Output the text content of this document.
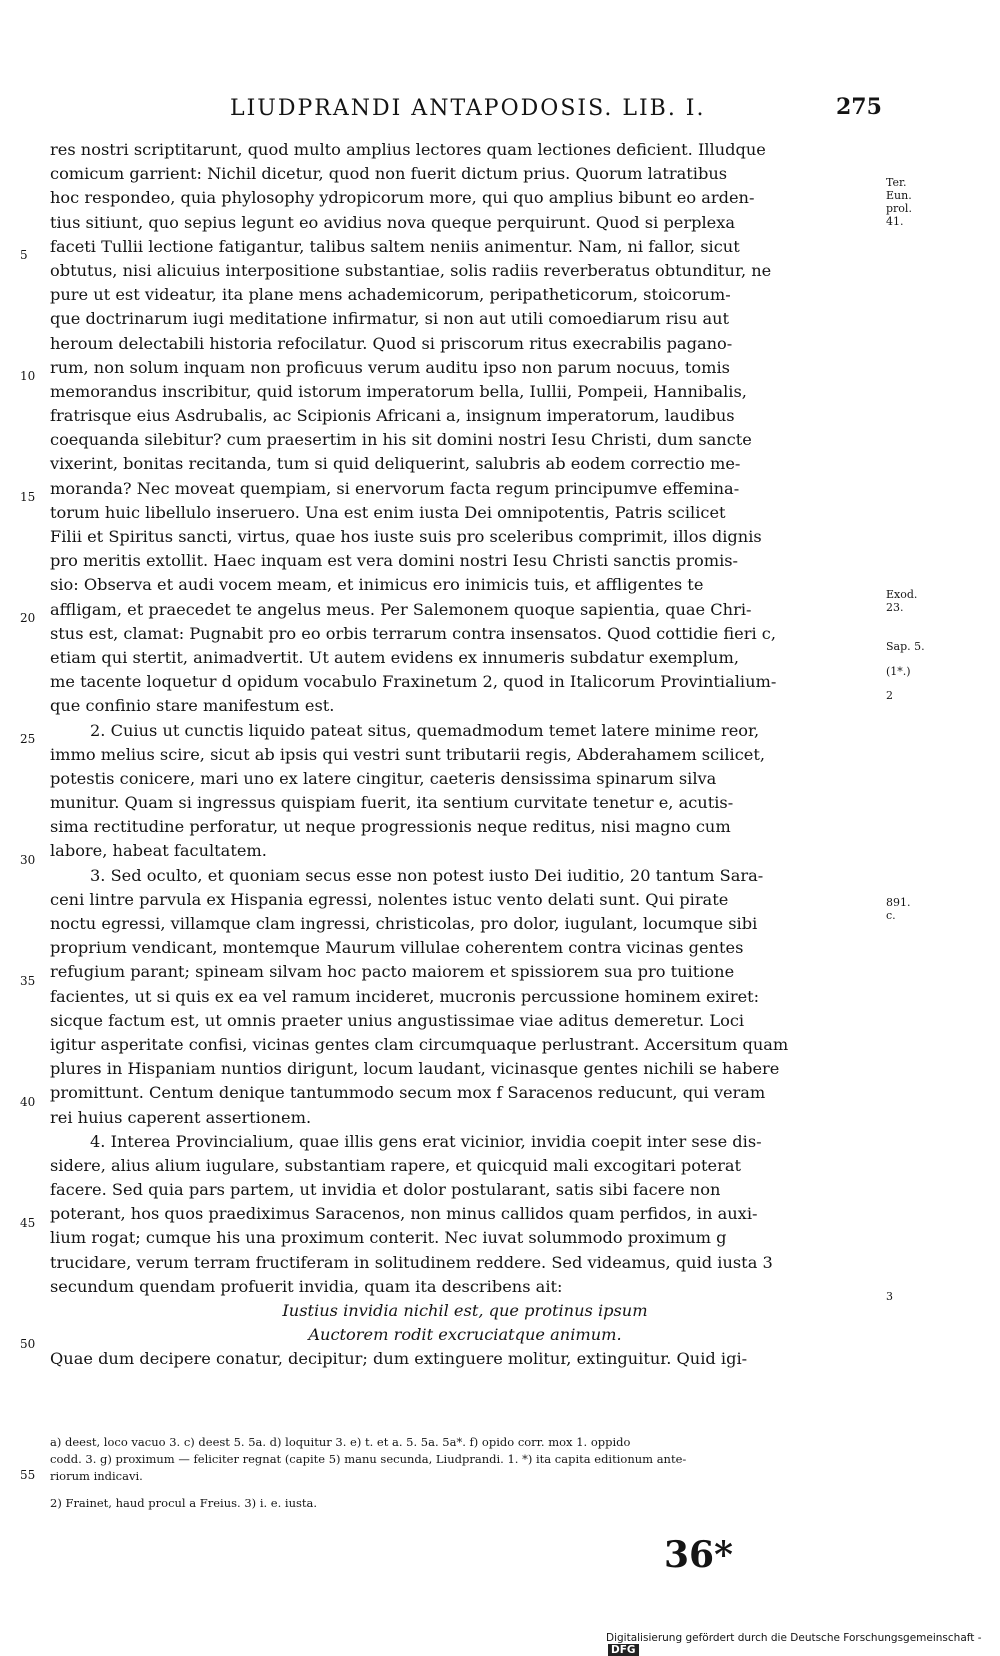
LIUDPRANDI ANTAPODOSIS. LIB. I.	275
res nostri scriptitarunt, quod multo amplius lectores quam lectiones deficient. Illudque
comicum garrient: Nichil dicetur, quod non fuerit dictum prius. Quorum latratibus
hoc respondeo, quia phylosophy ydropicorum more, qui quo amplius bibunt eo arden-
tius sitiunt, quo sepius legunt eo avidius nova queque perquirunt. Quod si perplexa
faceti Tullii lectione fatigantur, talibus saltem neniis animentur. Nam, ni fallor, sicut
obtutus, nisi alicuius interpositione substantiae, solis radiis reverberatus obtunditur, ne
pure ut est videatur, ita plane mens achademicorum, peripatheticorum, stoicorum-
que doctrinarum iugi meditatione infirmatur, si non aut utili comoediarum risu aut
heroum delectabili historia refocilatur. Quod si priscorum ritus execrabilis pagano-
rum, non solum inquam non proficuus verum auditu ipso non parum nocuus, tomis
memorandus inscribitur, quid istorum imperatorum bella, Iullii, Pompeii, Hannibalis,
fratrisque eius Asdrubalis, ac Scipionis Africani a, insignum imperatorum, laudibus
coequanda silebitur? cum praesertim in his sit domini nostri Iesu Christi, dum sancte
vixerint, bonitas recitanda, tum si quid deliquerint, salubris ab eodem correctio me-
moranda? Nec moveat quempiam, si enervorum facta regum principumve effemina-
torum huic libellulo inseruero. Una est enim iusta Dei omnipotentis, Patris scilicet
Filii et Spiritus sancti, virtus, quae hos iuste suis pro sceleribus comprimit, illos dignis
pro meritis extollit. Haec inquam est vera domini nostri Iesu Christi sanctis promis-
sio: Observa et audi vocem meam, et inimicus ero inimicis tuis, et affligentes te
affligam, et praecedet te angelus meus. Per Salemonem quoque sapientia, quae Chri-
stus est, clamat: Pugnabit pro eo orbis terrarum contra insensatos. Quod cottidie fieri c,
etiam qui stertit, animadvertit. Ut autem evidens ex innumeris subdatur exemplum,
me tacente loquetur d opidum vocabulo Fraxinetum 2, quod in Italicorum Provintialium-
que confinio stare manifestum est.
2. Cuius ut cunctis liquido pateat situs, quemadmodum temet latere minime reor,
immo melius scire, sicut ab ipsis qui vestri sunt tributarii regis, Abderahamem scilicet,
potestis conicere, mari uno ex latere cingitur, caeteris densissima spinarum silva
munitur. Quam si ingressus quispiam fuerit, ita sentium curvitate tenetur e, acutis-
sima rectitudine perforatur, ut neque progressionis neque reditus, nisi magno cum
labore, habeat facultatem.
3. Sed oculto, et quoniam secus esse non potest iusto Dei iuditio, 20 tantum Sara-
ceni lintre parvula ex Hispania egressi, nolentes istuc vento delati sunt. Qui pirate
noctu egressi, villamque clam ingressi, christicolas, pro dolor, iugulant, locumque sibi
proprium vendicant, montemque Maurum villulae coherentem contra vicinas gentes
refugium parant; spineam silvam hoc pacto maiorem et spissiorem sua pro tuitione
facientes, ut si quis ex ea vel ramum incideret, mucronis percussione hominem exiret:
sicque factum est, ut omnis praeter unius angustissimae viae aditus demeretur. Loci
igitur asperitate confisi, vicinas gentes clam circumquaque perlustrant. Accersitum quam
plures in Hispaniam nuntios dirigunt, locum laudant, vicinasque gentes nichili se habere
promittunt. Centum denique tantummodo secum mox f Saracenos reducunt, qui veram
rei huius caperent assertionem.
4. Interea Provincialium, quae illis gens erat vicinior, invidia coepit inter sese dis-
sidere, alius alium iugulare, substantiam rapere, et quicquid mali excogitari poterat
facere. Sed quia pars partem, ut invidia et dolor postularant, satis sibi facere non
poterant, hos quos praediximus Saracenos, non minus callidos quam perfidos, in auxi-
lium rogat; cumque his una proximum conterit. Nec iuvat solummodo proximum g
trucidare, verum terram fructiferam in solitudinem reddere. Sed videamus, quid iusta 3
secundum quendam profuerit invidia, quam ita describens ait:
Iustius invidia nichil est, que protinus ipsum
Auctorem rodit excruciatque animum.
Quae dum decipere conatur, decipitur; dum extinguere molitur, extinguitur. Quid igi-
5
10
15
20
25
30
35
40
45
50
55
Ter. Eun. prol. 41.
Exod. 23.
Sap. 5.
(1*.)
2
891. c.
3
a) deest, loco vacuo 3. c) deest 5. 5a. d) loquitur 3. e) t. et a. 5. 5a. 5a*. f) opido corr. mox 1. oppido
codd. 3. g) proximum — feliciter regnat (capite 5) manu secunda, Liudprandi. 1. *) ita capita editionum ante-
riorum indicavi.
2) Frainet, haud procul a Freius. 3) i. e. iusta.
36*
Digitalisierung gefördert durch die Deutsche Forschungsgemeinschaft -DFG
